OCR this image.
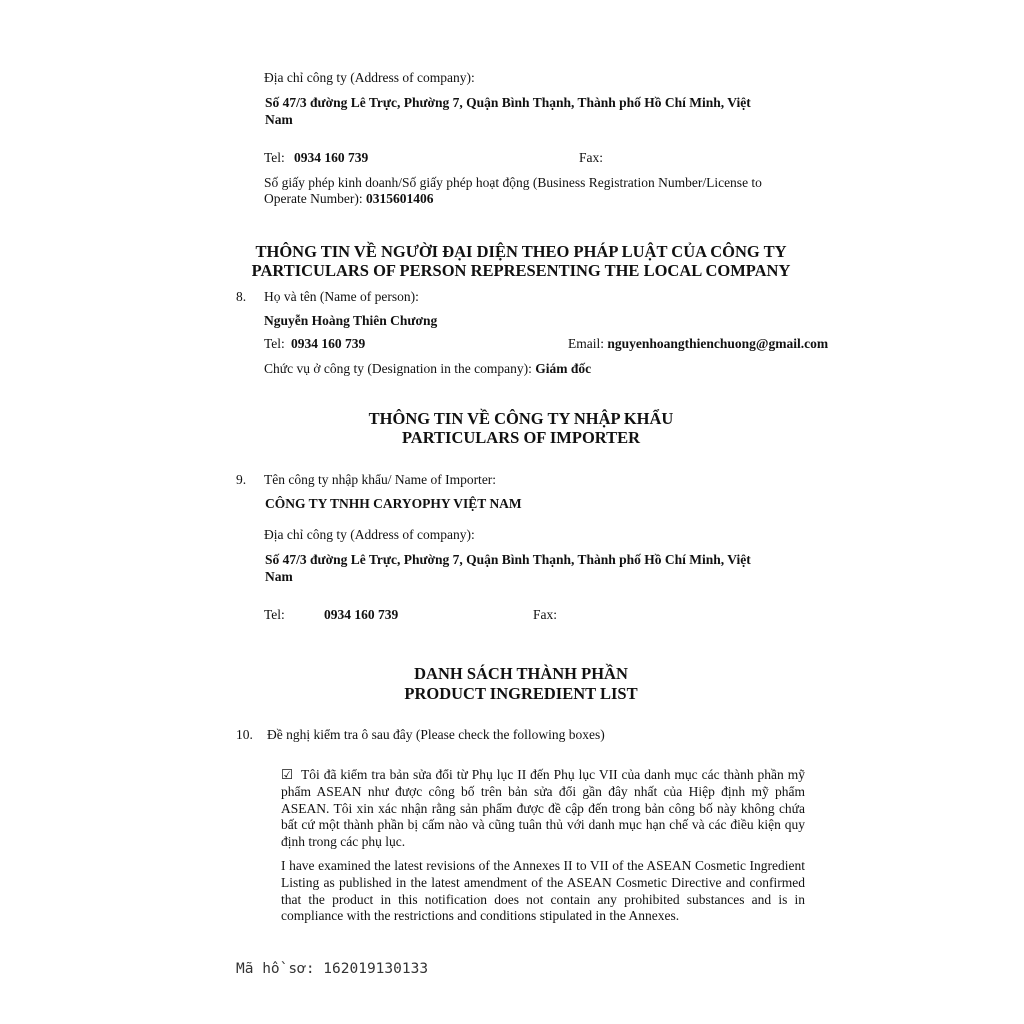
Địa chỉ công ty (Address of company):
Số 47/3 đường Lê Trực, Phường 7, Quận Bình Thạnh, Thành phố Hồ Chí Minh, Việt
Nam
Tel: 0934 160 739	Fax:
Số giấy phép kinh doanh/Số giấy phép hoạt động (Business Registration Number/License to
Operate Number): 0315601406
THÔNG TIN VỀ NGƯỜI ĐẠI DIỆN THEO PHÁP LUẬT CỦA CÔNG TY
PARTICULARS OF PERSON REPRESENTING THE LOCAL COMPANY
8. Họ và tên (Name of person):
Nguyễn Hoàng Thiên Chương
Tel: 0934 160 739	Email: nguyenhoangthienchuong@gmail.com
Chức vụ ở công ty (Designation in the company): Giám đốc
THÔNG TIN VỀ CÔNG TY NHẬP KHẨU
PARTICULARS OF IMPORTER
9. Tên công ty nhập khẩu/ Name of Importer:
CÔNG TY TNHH CARYOPHY VIỆT NAM
Địa chỉ công ty (Address of company):
Số 47/3 đường Lê Trực, Phường 7, Quận Bình Thạnh, Thành phố Hồ Chí Minh, Việt
Nam
Tel:	0934 160 739	Fax:
DANH SÁCH THÀNH PHẦN
PRODUCT INGREDIENT LIST
10. Đề nghị kiểm tra ô sau đây (Please check the following boxes)
☑ Tôi đã kiểm tra bản sửa đổi từ Phụ lục II đến Phụ lục VII của danh mục các thành phần mỹ phẩm ASEAN như được công bố trên bản sửa đổi gần đây nhất của Hiệp định mỹ phẩm ASEAN. Tôi xin xác nhận rằng sản phẩm được đề cập đến trong bản công bố này không chứa bất cứ một thành phần bị cấm nào và cũng tuân thủ với danh mục hạn chế và các điều kiện quy định trong các phụ lục.
I have examined the latest revisions of the Annexes II to VII of the ASEAN Cosmetic Ingredient Listing as published in the latest amendment of the ASEAN Cosmetic Directive and confirmed that the product in this notification does not contain any prohibited substances and is in compliance with the restrictions and conditions stipulated in the Annexes.
Mã hồ sơ: 162019130133
